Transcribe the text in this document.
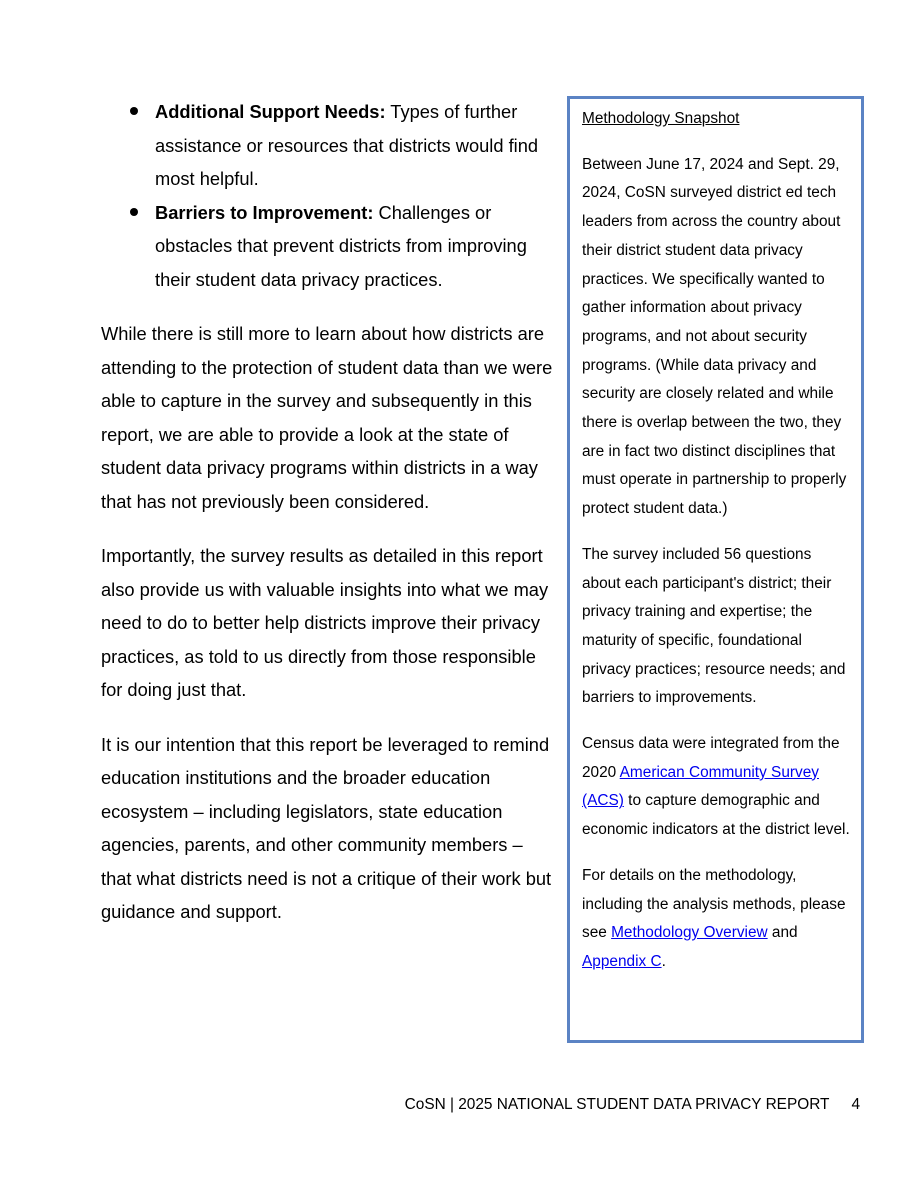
Additional Support Needs: Types of further assistance or resources that districts would find most helpful.
Barriers to Improvement: Challenges or obstacles that prevent districts from improving their student data privacy practices.

While there is still more to learn about how districts are attending to the protection of student data than we were able to capture in the survey and subsequently in this report, we are able to provide a look at the state of student data privacy programs within districts in a way that has not previously been considered.

Importantly, the survey results as detailed in this report also provide us with valuable insights into what we may need to do to better help districts improve their privacy practices, as told to us directly from those responsible for doing just that.

It is our intention that this report be leveraged to remind education institutions and the broader education ecosystem – including legislators, state education agencies, parents, and other community members – that what districts need is not a critique of their work but guidance and support.

Methodology Snapshot

Between June 17, 2024 and Sept. 29, 2024, CoSN surveyed district ed tech leaders from across the country about their district student data privacy practices. We specifically wanted to gather information about privacy programs, and not about security programs. (While data privacy and security are closely related and while there is overlap between the two, they are in fact two distinct disciplines that must operate in partnership to properly protect student data.)

The survey included 56 questions about each participant's district; their privacy training and expertise; the maturity of specific, foundational privacy practices; resource needs; and barriers to improvements.

Census data were integrated from the 2020 American Community Survey (ACS) to capture demographic and economic indicators at the district level.

For details on the methodology, including the analysis methods, please see Methodology Overview and Appendix C.

CoSN | 2025 NATIONAL STUDENT DATA PRIVACY REPORT 4
